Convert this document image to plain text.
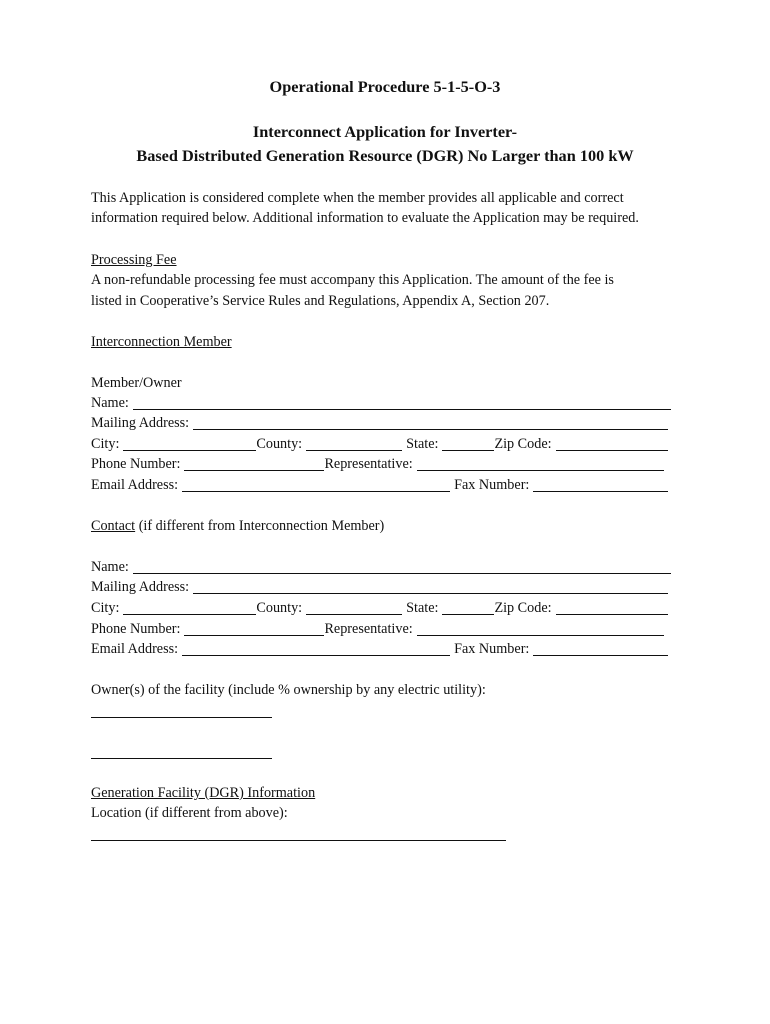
Operational Procedure 5-1-5-O-3
Interconnect Application for Inverter-
Based Distributed Generation Resource (DGR) No Larger than 100 kW
This Application is considered complete when the member provides all applicable and correct
information required below. Additional information to evaluate the Application may be required.
Processing Fee
A non-refundable processing fee must accompany this Application. The amount of the fee is
listed in Cooperative’s Service Rules and Regulations, Appendix A, Section 207.
Interconnection Member
Member/Owner
Name:
Mailing Address:
City:	County:	State:	Zip Code:
Phone Number:	Representative:
Email Address:	Fax Number:
Contact (if different from Interconnection Member)
Name:
Mailing Address:
City:	County:	State:	Zip Code:
Phone Number:	Representative:
Email Address:	Fax Number:
Owner(s) of the facility (include % ownership by any electric utility):
Generation Facility (DGR) Information
Location (if different from above):
